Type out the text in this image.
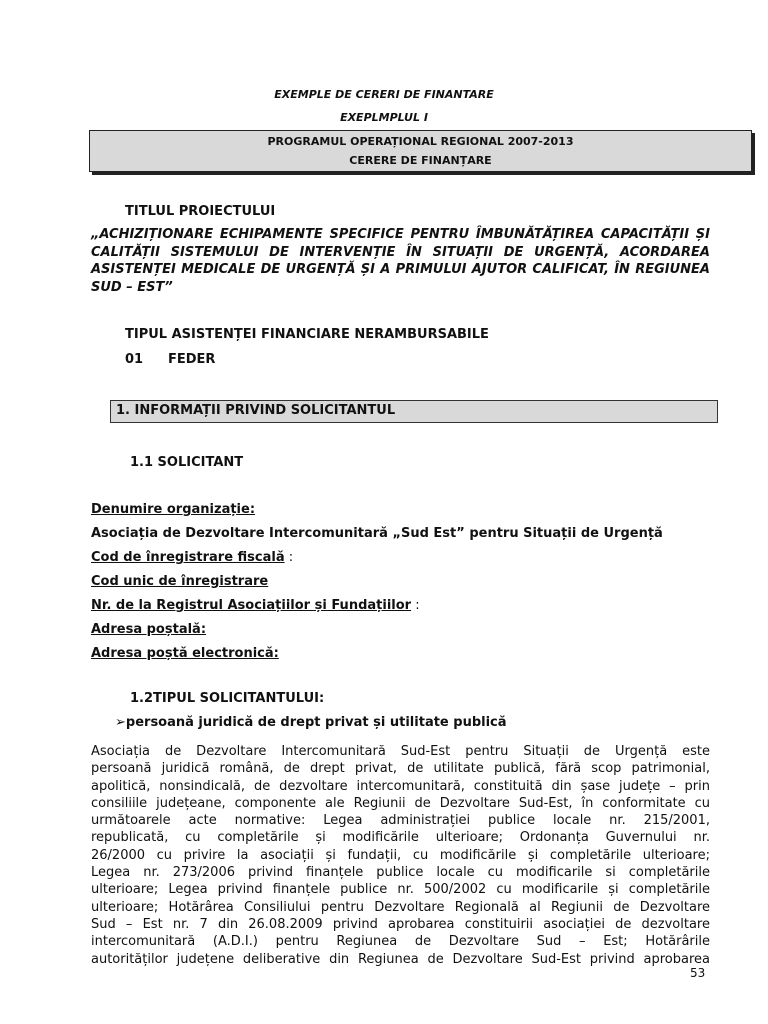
EXEMPLE DE CERERI DE FINANTARE
EXEPLMPLUL I
PROGRAMUL OPERAȚIONAL REGIONAL 2007-2013
CERERE DE FINANȚARE
TITLUL PROIECTULUI
„ACHIZIȚIONARE ECHIPAMENTE SPECIFICE PENTRU ÎMBUNĂTĂȚIREA CAPACITĂȚII ȘI CALITĂȚII SISTEMULUI DE INTERVENȚIE ÎN SITUAȚII DE URGENȚĂ, ACORDAREA ASISTENȚEI MEDICALE DE URGENȚĂ ȘI A PRIMULUI AJUTOR CALIFICAT, ÎN REGIUNEA SUD – EST”
TIPUL ASISTENȚEI FINANCIARE NERAMBURSABILE
01 FEDER
1. INFORMAȚII PRIVIND SOLICITANTUL
1.1 SOLICITANT
Denumire organizație:
Asociația de Dezvoltare Intercomunitară „Sud Est” pentru Situații de Urgență
Cod de înregistrare fiscală :
Cod unic de înregistrare
Nr. de la Registrul Asociațiilor și Fundațiilor :
Adresa poștală:
Adresa poștă electronică:
1.2TIPUL SOLICITANTULUI:
➢persoană juridică de drept privat și utilitate publică
Asociația de Dezvoltare Intercomunitară Sud-Est pentru Situații de Urgență este
persoană juridică română, de drept privat, de utilitate publică, fără scop patrimonial,
apolitică, nonsindicală, de dezvoltare intercomunitară, constituită din șase județe – prin
consiliile județeane, componente ale Regiunii de Dezvoltare Sud-Est, în conformitate cu
următoarele acte normative: Legea administrației publice locale nr. 215/2001,
republicată, cu completările și modificările ulterioare; Ordonanța Guvernului nr.
26/2000 cu privire la asociații și fundații, cu modificările și completările ulterioare;
Legea nr. 273/2006 privind finanțele publice locale cu modificarile si completările
ulterioare; Legea privind finanțele publice nr. 500/2002 cu modificarile și completările
ulterioare; Hotărârea Consiliului pentru Dezvoltare Regională al Regiunii de Dezvoltare
Sud – Est nr. 7 din 26.08.2009 privind aprobarea constituirii asociației de dezvoltare
intercomunitară (A.D.I.) pentru Regiunea de Dezvoltare Sud – Est; Hotărârile
autorităților județene deliberative din Regiunea de Dezvoltare Sud-Est privind aprobarea
53
